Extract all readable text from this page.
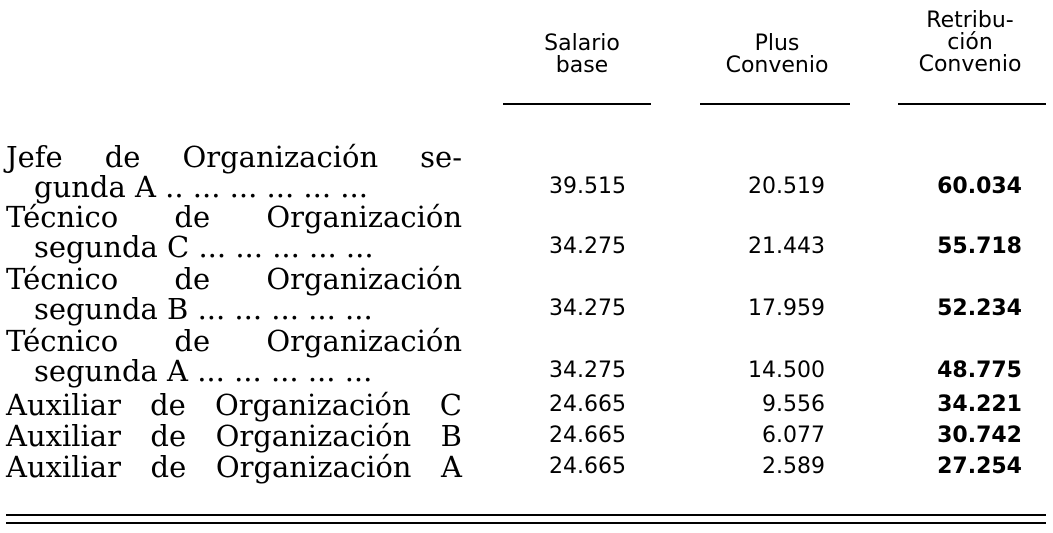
Salario
base
Plus
Convenio
Retribu-
ción
Convenio
Jefe de Organización se-
gunda A .. ... ... ... ... ...	39.515	20.519	60.034
Técnico de Organización
segunda C ... ... ... ... ...	34.275	21.443	55.718
Técnico de Organización
segunda B ... ... ... ... ...	34.275	17.959	52.234
Técnico de Organización
segunda A ... ... ... ... ...	34.275	14.500	48.775
Auxiliar de Organización C	24.665	9.556	34.221
Auxiliar de Organización B	24.665	6.077	30.742
Auxiliar de Organización A	24.665	2.589	27.254
